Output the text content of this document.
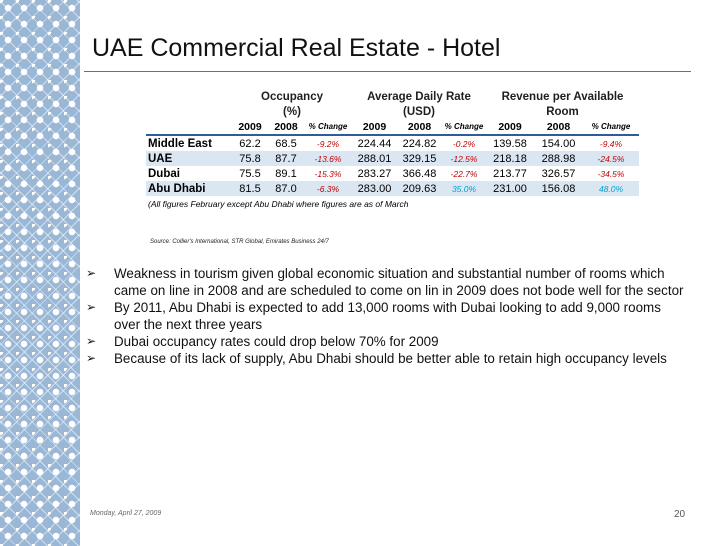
UAE Commercial Real Estate - Hotel
	Occupancy			Average Daily Rate			Revenue per Available		
	(%)			(USD)			Room		
	2009	2008	% Change	2009	2008	% Change	2009	2008	% Change
Middle East	62.2	68.5	-9.2%	224.44	224.82	-0.2%	139.58	154.00	-9.4%
UAE	75.8	87.7	-13.6%	288.01	329.15	-12.5%	218.18	288.98	-24.5%
Dubai	75.5	89.1	-15.3%	283.27	366.48	-22.7%	213.77	326.57	-34.5%
Abu Dhabi	81.5	87.0	-6.3%	283.00	209.63	35.0%	231.00	156.08	48.0%
(All figures February except Abu Dhabi where figures are as of March									
Source: Collier's International, STR Global, Emirates Business 24/7
➢ Weakness in tourism given global economic situation and substantial number of rooms which came on line in 2008 and are scheduled to come on lin in 2009 does not bode well for the sector
➢ By 2011, Abu Dhabi is expected to add 13,000 rooms with Dubai looking to add 9,000 rooms over the next three years
➢ Dubai occupancy rates could drop below 70% for 2009
➢ Because of its lack of supply, Abu Dhabi should be better able to retain high occupancy levels
Monday, April 27, 2009	20
